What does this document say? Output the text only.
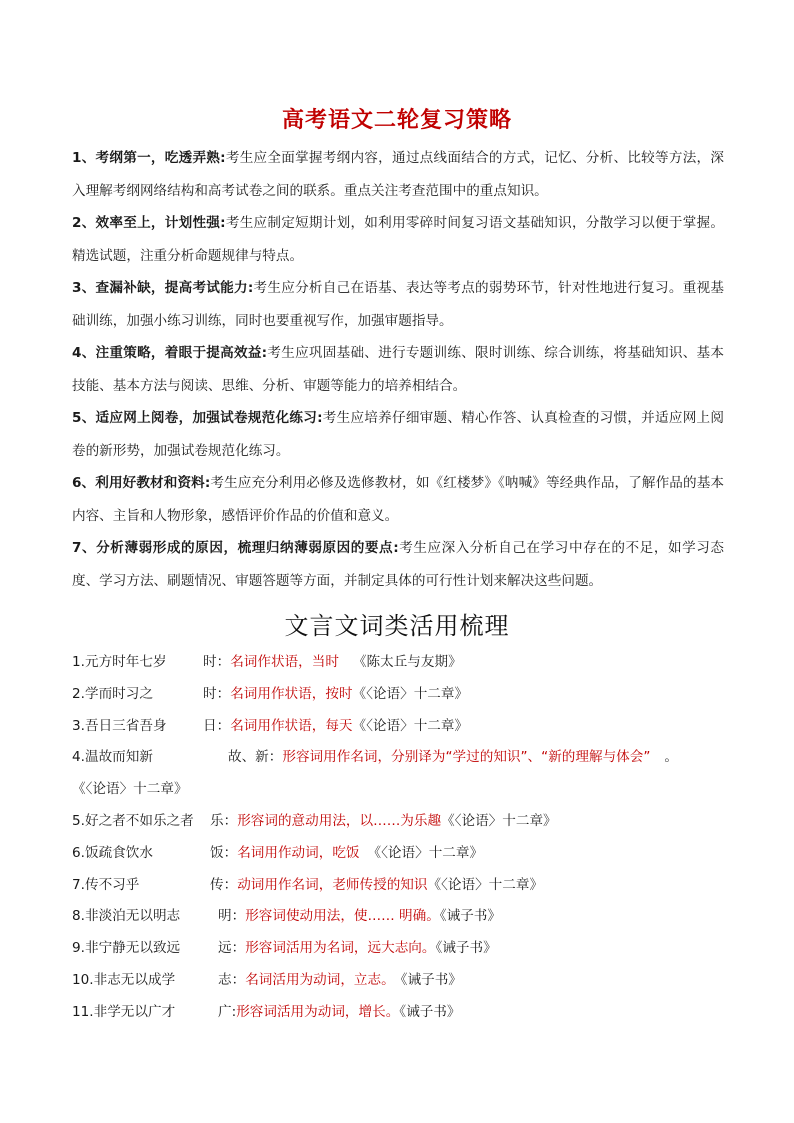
高考语文二轮复习策略

1、考纲第一，吃透弄熟:考生应全面掌握考纲内容，通过点线面结合的方式，记忆、分析、比较等方法，深入理解考纲网络结构和高考试卷之间的联系。重点关注考查范围中的重点知识。

2、效率至上，计划性强:考生应制定短期计划，如利用零碎时间复习语文基础知识，分散学习以便于掌握。精选试题，注重分析命题规律与特点。

3、查漏补缺，提高考试能力:考生应分析自己在语基、表达等考点的弱势环节，针对性地进行复习。重视基础训练，加强小练习训练，同时也要重视写作，加强审题指导。

4、注重策略，着眼于提高效益:考生应巩固基础、进行专题训练、限时训练、综合训练，将基础知识、基本技能、基本方法与阅读、思维、分析、审题等能力的培养相结合。

5、适应网上阅卷，加强试卷规范化练习:考生应培养仔细审题、精心作答、认真检查的习惯，并适应网上阅卷的新形势，加强试卷规范化练习。

6、利用好教材和资料:考生应充分利用必修及选修教材，如《红楼梦》《呐喊》等经典作品，了解作品的基本内容、主旨和人物形象，感悟评价作品的价值和意义。

7、分析薄弱形成的原因，梳理归纳薄弱原因的要点:考生应深入分析自己在学习中存在的不足，如学习态度、学习方法、刷题情况、审题答题等方面，并制定具体的可行性计划来解决这些问题。

文言文词类活用梳理
1.元方时年七岁	时：名词作状语，当时 《陈太丘与友期》
2.学而时习之	时：名词用作状语，按时《〈论语〉十二章》
3.吾日三省吾身	日：名词用作状语，每天《〈论语〉十二章》
4.温故而知新	故、新：形容词用作名词，分别译为“学过的知识”、“新的理解与体会” 。
《〈论语〉十二章》
5.好之者不如乐之者 乐：形容词的意动用法，以……为乐趣《〈论语〉十二章》
6.饭疏食饮水	饭：名词用作动词，吃饭 《〈论语〉十二章》
7.传不习乎	传：动词用作名词，老师传授的知识《〈论语〉十二章》
8.非淡泊无以明志	明：形容词使动用法，使…… 明确。《诫子书》
9.非宁静无以致远	远：形容词活用为名词，远大志向。《诫子书》
10.非志无以成学	志：名词活用为动词，立志。 《诫子书》
11.非学无以广才	广:形容词活用为动词，增长。《诫子书》
